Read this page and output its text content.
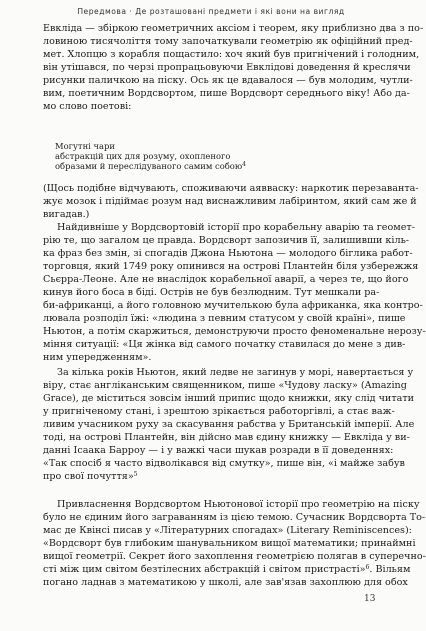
Передмова · Де розташовані предмети і які вони на вигляд
Евкліда — збіркою геометричних аксіом і теорем, яку приблизно два з по-
ловиною тисячоліття тому започаткували геометрію як офіційний пред-
мет. Хлопцю з корабля пощастило: хоч який був пригнічений і голодним,
він утішався, по черзі пропрацьовуючи Евклідові доведення й креслячи
рисунки паличкою на піску. Ось як це вдавалося — був молодим, чутли-
вим, поетичним Вордсвортом, пише Вордсворт середнього віку! Або да-
мо слово поетові:
Могутні чари
абстракцій цих для розуму, охопленого
образами й переслідуваного самим собою$^4$
(Щось подібне відчувають, споживаючи аявваску: наркотик перезаванта-
жує мозок і підіймає розум над виснажливим лабіринтом, який сам же й
вигадав.)
Найдивніше у Вордсвортовій історії про корабельну аварію та геомет-
рію те, що загалом це правда. Вордсворт запозичив її, залишивши кіль-
ка фраз без змін, зі спогадів Джона Ньютона — молодого біглика работ-
торговця, який 1749 року опинився на острові Плантейн біля узбережжя
Сьєрра-Леоне. Але не внаслідок корабельної аварії, а через те, що його
кинув його боса в біді. Острів не був безлюдним. Тут мешкали ра-
би-африканці, а його головною мучителькою була африканка, яка контро-
лювала розподіл їжі: «людина з певним статусом у своїй країні», пише
Ньютон, а потім скаржиться, демонструючи просто феноменальне нерозу-
міння ситуації: «Ця жінка від самого початку ставилася до мене з див-
ним упередженням».
За кілька років Ньютон, який ледве не загинув у морі, навертається у
віру, стає англіканським священником, пише «Чудову ласку» (Amazing
Grace), де міститься зовсім інший припис щодо книжки, яку слід читати
у пригніченому стані, і зрештою зрікається работоргівлі, а стає важ-
ливим учасником руху за скасування рабства у Британській імперії. Але
тоді, на острові Плантейн, він дійсно мав єдину книжку — Евкліда у ви-
данні Ісаака Барроу — і у важкі часи шукав розради в її доведеннях:
«Так спосіб я часто відволікався від смутку», пише він, «і майже забув
про свої почуття»$^5$
Привласнення Вордсвортом Ньютонової історії про геометрію на піску
було не єдиним його заграванням із цією темою. Сучасник Вордсворта То-
мас де Квінсі писав у «Літературних спогадах» (Literary Reminiscences):
«Вордсворт був глибоким шанувальником вищої математики; принаймні
вищої геометрії. Секрет його захоплення геометрією полягав в суперечно-
сті між цим світом безтілесних абстракцій і світом пристрасті»$^6$. Вільям
погано ладнав з математикою у школі, але зав'язав захоплюю для обох
13
